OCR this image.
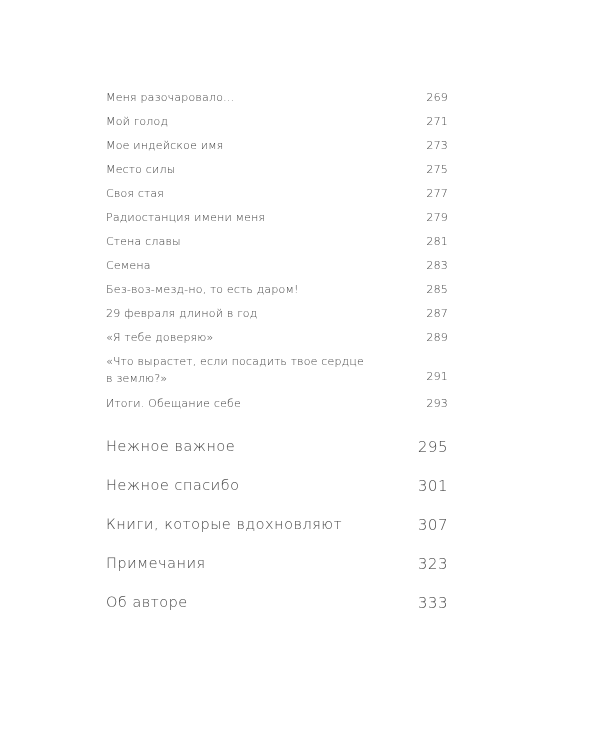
Меня разочаровало...	269
Мой голод	271
Мое индейское имя	273
Место силы	275
Своя стая	277
Радиостанция имени меня	279
Стена славы	281
Семена	283
Без-воз-мезд-но, то есть даром!	285
29 февраля длиной в год	287
«Я тебе доверяю»	289
«Что вырастет, если посадить твое сердце
в землю?»	291
Итоги. Обещание себе	293
Нежное важное	295
Нежное спасибо	301
Книги, которые вдохновляют	307
Примечания	323
Об авторе	333
